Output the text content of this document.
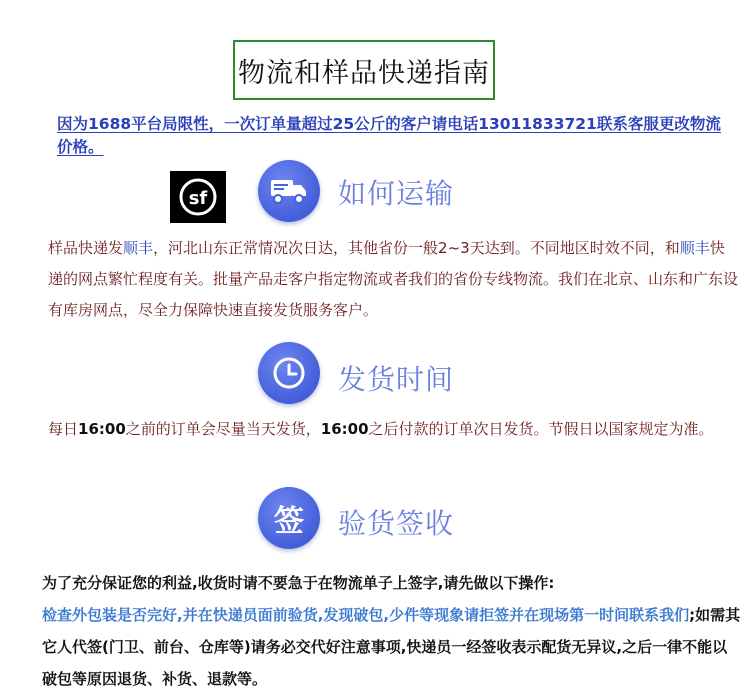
物流和样品快递指南
因为1688平台局限性，一次订单量超过25公斤的客户请电话13011833721联系客服更改物流价格。
sf	如何运输
样品快递发顺丰，河北山东正常情况次日达，其他省份一般2~3天达到。不同地区时效不同，和顺丰快递的网点繁忙程度有关。批量产品走客户指定物流或者我们的省份专线物流。我们在北京、山东和广东设有库房网点，尽全力保障快速直接发货服务客户。
发货时间
每日16:00之前的订单会尽量当天发货，16:00之后付款的订单次日发货。节假日以国家规定为准。
签 验货签收
为了充分保证您的利益,收货时请不要急于在物流单子上签字,请先做以下操作:
检查外包装是否完好,并在快递员面前验货,发现破包,少件等现象请拒签并在现场第一时间联系我们;如需其它人代签(门卫、前台、仓库等)请务必交代好注意事项,快递员一经签收表示配货无异议,之后一律不能以破包等原因退货、补货、退款等。
